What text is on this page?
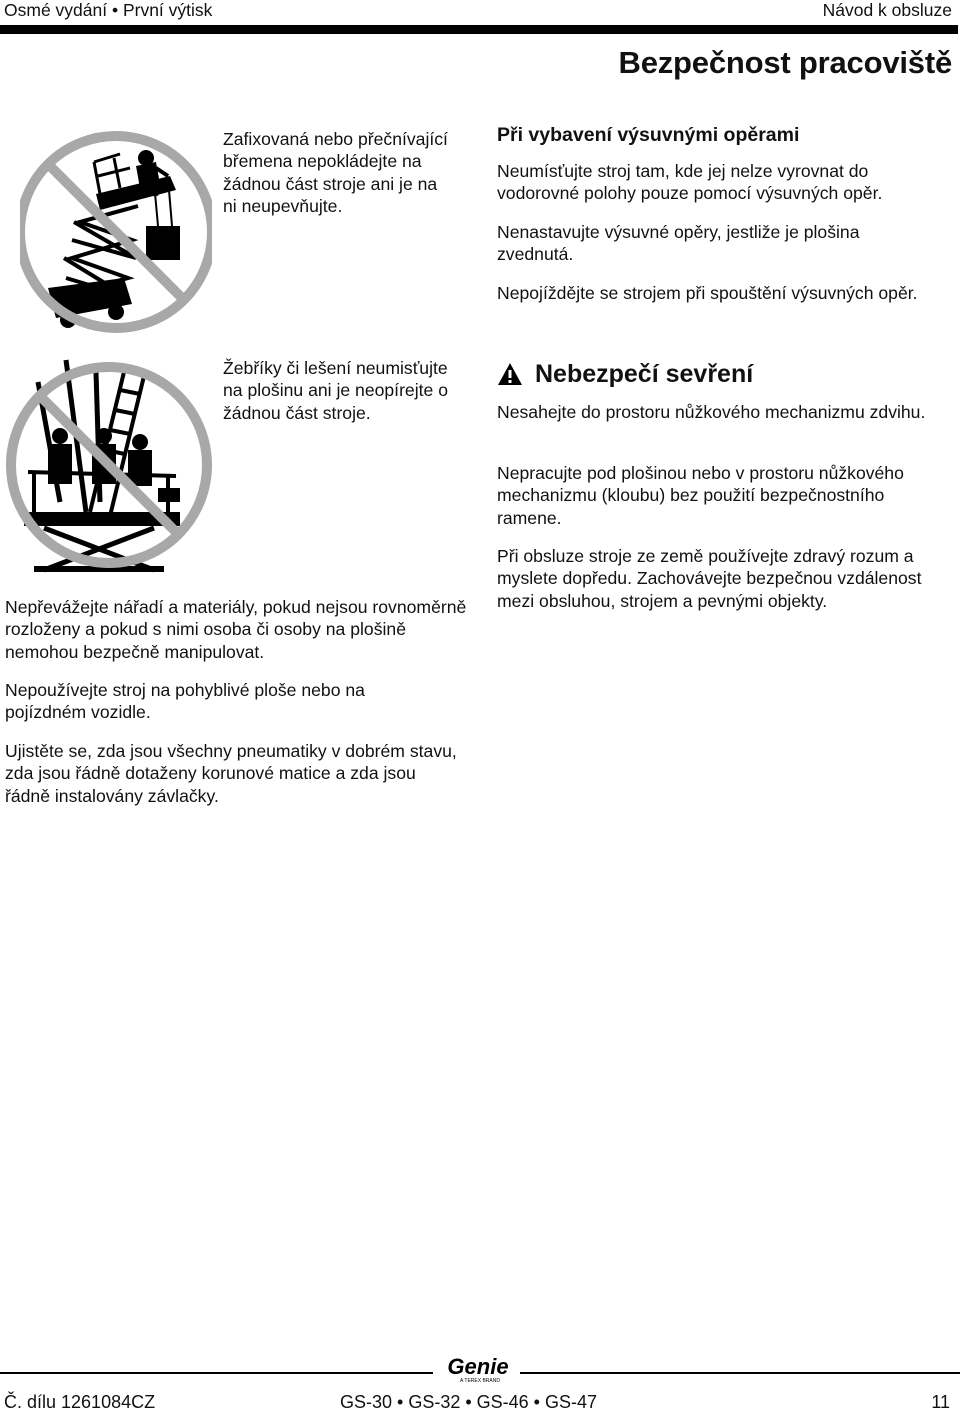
Osmé vydání • První výtisk	Návod k obsluze
Bezpečnost pracoviště
Zafixovaná nebo přečnívající břemena nepokládejte na žádnou část stroje ani je na ni neupevňujte.
Žebříky či lešení neumisťujte na plošinu ani je neopírejte o žádnou část stroje.

Nepřevážejte nářadí a materiály, pokud nejsou rovnoměrně rozloženy a pokud s nimi osoba či osoby na plošině nemohou bezpečně manipulovat.

Nepoužívejte stroj na pohyblivé ploše nebo na pojízdném vozidle.

Ujistěte se, zda jsou všechny pneumatiky v dobrém stavu, zda jsou řádně dotaženy korunové matice a zda jsou řádně instalovány závlačky.

Při vybavení výsuvnými opěrami

Neumísťujte stroj tam, kde jej nelze vyrovnat do vodorovné polohy pouze pomocí výsuvných opěr.

Nenastavujte výsuvné opěry, jestliže je plošina zvednutá.

Nepojíždějte se strojem při spouštění výsuvných opěr.

Nebezpečí sevření

Nesahejte do prostoru nůžkového mechanizmu zdvihu.

Nepracujte pod plošinou nebo v prostoru nůžkového mechanizmu (kloubu) bez použití bezpečnostního ramene.

Při obsluze stroje ze země používejte zdravý rozum a myslete dopředu. Zachovávejte bezpečnou vzdálenost mezi obsluhou, strojem a pevnými objekty.

Genie
A TEREX BRAND
Č. dílu 1261084CZ	GS-30 • GS-32 • GS-46 • GS-47	11
